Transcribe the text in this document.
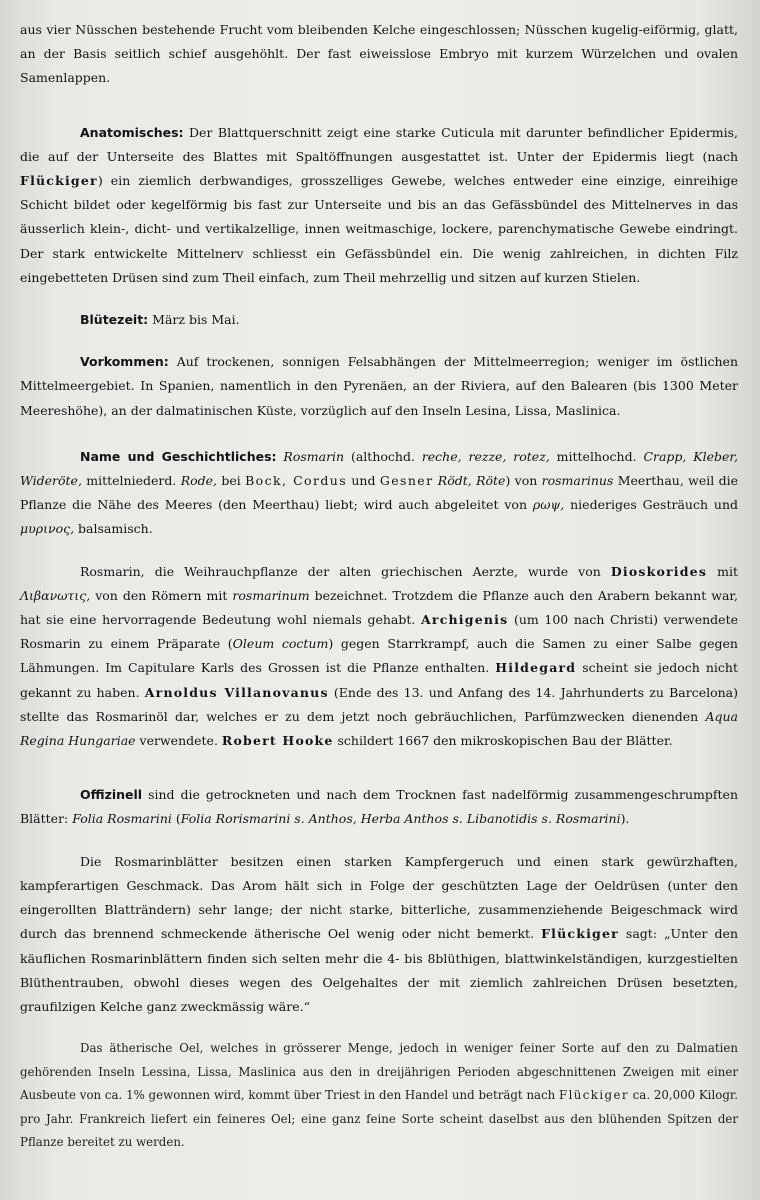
aus vier Nüsschen bestehende Frucht vom bleibenden Kelche eingeschlossen; Nüsschen kugelig-eiförmig, glatt, an der Basis seitlich schief ausgehöhlt. Der fast eiweisslose Embryo mit kurzem Würzelchen und ovalen Samenlappen.

Anatomisches: Der Blattquerschnitt zeigt eine starke Cuticula mit darunter befindlicher Epidermis, die auf der Unterseite des Blattes mit Spaltöffnungen ausgestattet ist. Unter der Epidermis liegt (nach Flückiger) ein ziemlich derbwandiges, grosszelliges Gewebe, welches entweder eine einzige, einreihige Schicht bildet oder kegelförmig bis fast zur Unterseite und bis an das Gefässbündel des Mittelnerves in das äusserlich klein-, dicht- und vertikalzellige, innen weitmaschige, lockere, parenchymatische Gewebe eindringt. Der stark entwickelte Mittelnerv schliesst ein Gefässbündel ein. Die wenig zahlreichen, in dichten Filz eingebetteten Drüsen sind zum Theil einfach, zum Theil mehrzellig und sitzen auf kurzen Stielen.

Blütezeit: März bis Mai.

Vorkommen: Auf trockenen, sonnigen Felsabhängen der Mittelmeerregion; weniger im östlichen Mittelmeergebiet. In Spanien, namentlich in den Pyrenäen, an der Riviera, auf den Balearen (bis 1300 Meter Meereshöhe), an der dalmatinischen Küste, vorzüglich auf den Inseln Lesina, Lissa, Maslinica.

Name und Geschichtliches: Rosmarin (althochd. reche, rezze, rotez, mittelhochd. Crapp, Kleber, Wideröte, mittelniederd. Rode, bei Bock, Cordus und Gesner Rödt, Röte) von rosmarinus Meerthau, weil die Pflanze die Nähe des Meeres (den Meerthau) liebt; wird auch abgeleitet von ρωψ, niederiges Gesträuch und μυρινος, balsamisch.

Rosmarin, die Weihrauchpflanze der alten griechischen Aerzte, wurde von Dioskorides mit Λιβανωτις, von den Römern mit rosmarinum bezeichnet. Trotzdem die Pflanze auch den Arabern bekannt war, hat sie eine hervorragende Bedeutung wohl niemals gehabt. Archigenis (um 100 nach Christi) verwendete Rosmarin zu einem Präparate (Oleum coctum) gegen Starrkrampf, auch die Samen zu einer Salbe gegen Lähmungen. Im Capitulare Karls des Grossen ist die Pflanze enthalten. Hildegard scheint sie jedoch nicht gekannt zu haben. Arnoldus Villanovanus (Ende des 13. und Anfang des 14. Jahrhunderts zu Barcelona) stellte das Rosmarinöl dar, welches er zu dem jetzt noch gebräuchlichen, Parfümzwecken dienenden Aqua Regina Hungariae verwendete. Robert Hooke schildert 1667 den mikroskopischen Bau der Blätter.

Offizinell sind die getrockneten und nach dem Trocknen fast nadelförmig zusammengeschrumpften Blätter: Folia Rosmarini (Folia Rorismarini s. Anthos, Herba Anthos s. Libanotidis s. Rosmarini).

Die Rosmarinblätter besitzen einen starken Kampfergeruch und einen stark gewürzhaften, kampferartigen Geschmack. Das Arom hält sich in Folge der geschützten Lage der Oeldrüsen (unter den eingerollten Blatträndern) sehr lange; der nicht starke, bitterliche, zusammenziehende Beigeschmack wird durch das brennend schmeckende ätherische Oel wenig oder nicht bemerkt. Flückiger sagt: „Unter den käuflichen Rosmarinblättern finden sich selten mehr die 4- bis 8blüthigen, blattwinkelständigen, kurzgestielten Blüthentrauben, obwohl dieses wegen des Oelgehaltes der mit ziemlich zahlreichen Drüsen besetzten, graufilzigen Kelche ganz zweckmässig wäre.“

Das ätherische Oel, welches in grösserer Menge, jedoch in weniger feiner Sorte auf den zu Dalmatien gehörenden Inseln Lessina, Lissa, Maslinica aus den in dreijährigen Perioden abgeschnittenen Zweigen mit einer Ausbeute von ca. 1% gewonnen wird, kommt über Triest in den Handel und beträgt nach Flückiger ca. 20,000 Kilogr. pro Jahr. Frankreich liefert ein feineres Oel; eine ganz feine Sorte scheint daselbst aus den blühenden Spitzen der Pflanze bereitet zu werden.
